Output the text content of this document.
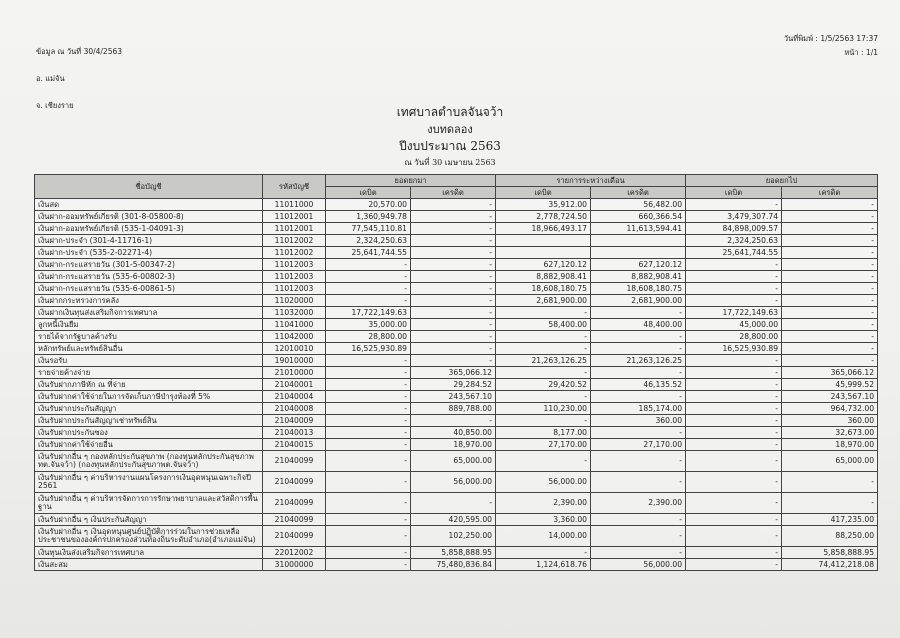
ข้อมูล ณ วันที่ 30/4/2563
อ. แม่จัน
จ. เชียงราย
วันที่พิมพ์ : 1/5/2563 17:37
หน้า : 1/1
เทศบาลตำบลจันจว้า
งบทดลอง
ปีงบประมาณ 2563
ณ วันที่ 30 เมษายน 2563
ชื่อบัญชี	รหัสบัญชี	ยอดยกมา		รายการระหว่างเดือน		ยอดยกไป	
		เดบิต	เครดิต	เดบิต	เครดิต	เดบิต	เครดิต
เงินสด	11011000	20,570.00	-	35,912.00	56,482.00	-	-
เงินฝาก-ออมทรัพย์เกียรติ (301-8-05800-8)	11012001	1,360,949.78	-	2,778,724.50	660,366.54	3,479,307.74	-
เงินฝาก-ออมทรัพย์เกียรติ (535-1-04091-3)	11012001	77,545,110.81	-	18,966,493.17	11,613,594.41	84,898,009.57	-
เงินฝาก-ประจำ (301-4-11716-1)	11012002	2,324,250.63	-			2,324,250.63	-
เงินฝาก-ประจำ (535-2-02271-4)	11012002	25,641,744.55	-			25,641,744.55	-
เงินฝาก-กระแสรายวัน (301-5-00347-2)	11012003	-	-	627,120.12	627,120.12	-	-
เงินฝาก-กระแสรายวัน (535-6-00802-3)	11012003	-	-	8,882,908.41	8,882,908.41	-	-
เงินฝาก-กระแสรายวัน (535-6-00861-5)	11012003	-	-	18,608,180.75	18,608,180.75	-	-
เงินฝากกระทรวงการคลัง	11020000	-	-	2,681,900.00	2,681,900.00	-	-
เงินฝากเงินทุนส่งเสริมกิจการเทศบาล	11032000	17,722,149.63	-	-	-	17,722,149.63	-
ลูกหนี้เงินยืม	11041000	35,000.00	-	58,400.00	48,400.00	45,000.00	-
รายได้จากรัฐบาลค้างรับ	11042000	28,800.00	-	-	-	28,800.00	-
หลักทรัพย์และทรัพย์สินอื่น	12010010	16,525,930.89	-	-	-	16,525,930.89	-
เงินรอรับ	19010000	-	-	21,263,126.25	21,263,126.25	-	-
รายจ่ายค้างจ่าย	21010000	-	365,066.12	-	-	-	365,066.12
เงินรับฝากภาษีหัก ณ ที่จ่าย	21040001	-	29,284.52	29,420.52	46,135.52	-	45,999.52
เงินรับฝากค่าใช้จ่ายในการจัดเก็บภาษีบำรุงท้องที่ 5%	21040004	-	243,567.10	-	-	-	243,567.10
เงินรับฝากประกันสัญญา	21040008	-	889,788.00	110,230.00	185,174.00	-	964,732.00
เงินรับฝากประกันสัญญาเช่าทรัพย์สิน	21040009	-	-	-	360.00	-	360.00
เงินรับฝากประกันซอง	21040013	-	40,850.00	8,177.00	-	-	32,673.00
เงินรับฝากค่าใช้จ่ายอื่น	21040015	-	18,970.00	27,170.00	27,170.00	-	18,970.00
เงินรับฝากอื่น ๆ กองหลักประกันสุขภาพ (กองทุนหลักประกันสุขภาพ ทต.จันจว้า) (กองทุนหลักประกันสุขภาพต.จันจว้า)	21040099	-	65,000.00	-	-	-	65,000.00
เงินรับฝากอื่น ๆ ค่าบริหารงานแผนโครงการเงินอุดหนุนเฉพาะกิจปี 2561	21040099	-	56,000.00	56,000.00	-	-	-
เงินรับฝากอื่น ๆ ค่าบริหารจัดการการรักษาพยาบาลและสวัสดิการพื้นฐาน	21040099	-	-	2,390.00	2,390.00	-	-
เงินรับฝากอื่น ๆ เงินประกันสัญญา	21040099	-	420,595.00	3,360.00	-	-	417,235.00
เงินรับฝากอื่น ๆ เงินอุดหนุนศูนย์ปฏิบัติการร่วมในการช่วยเหลือประชาชนขององค์กรปกครองส่วนท้องถิ่นระดับอำเภอ(อำเภอแม่จัน)	21040099	-	102,250.00	14,000.00	-	-	88,250.00
เงินทุนเงินส่งเสริมกิจการเทศบาล	22012002	-	5,858,888.95	-	-	-	5,858,888.95
เงินสะสม	31000000	-	75,480,836.84	1,124,618.76	56,000.00	-	74,412,218.08
